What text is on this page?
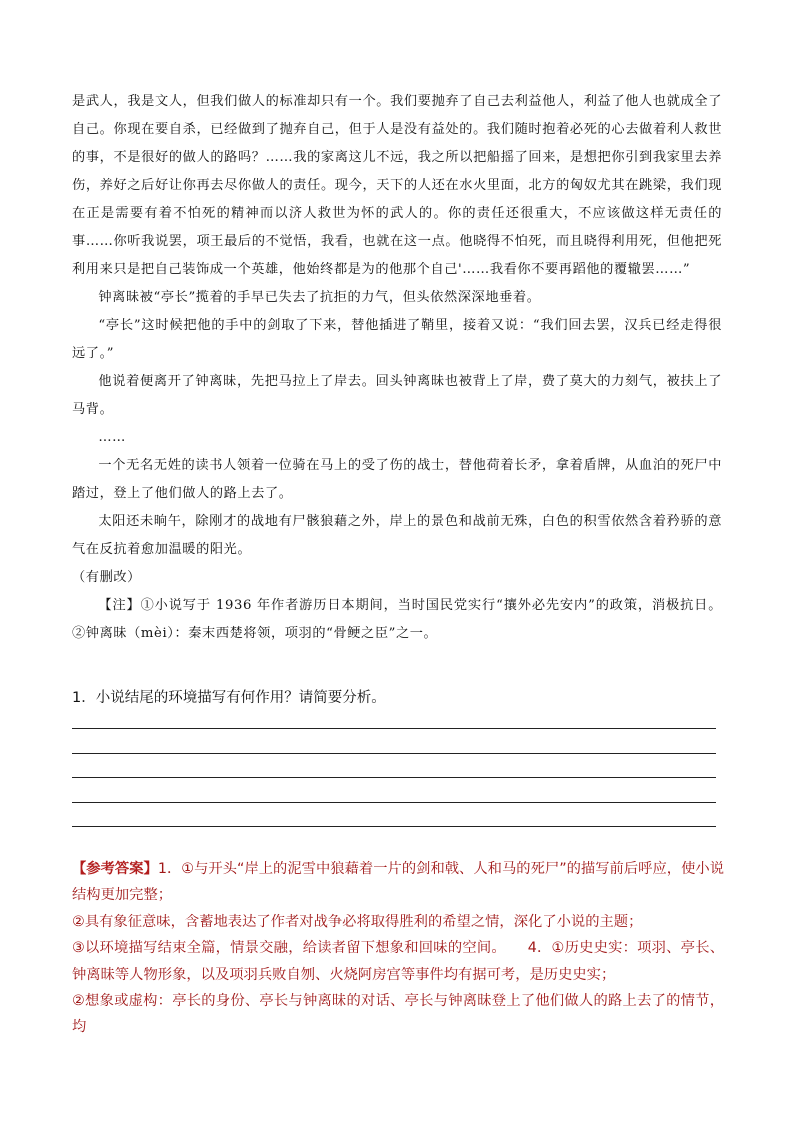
是武人，我是文人，但我们做人的标准却只有一个。我们要抛弃了自己去利益他人，利益了他人也就成全了自己。你现在要自杀，已经做到了抛弃自己，但于人是没有益处的。我们随时抱着必死的心去做着利人救世的事，不是很好的做人的路吗？……我的家离这儿不远，我之所以把船摇了回来，是想把你引到我家里去养伤，养好之后好让你再去尽你做人的责任。现今，天下的人还在水火里面，北方的匈奴尤其在跳梁，我们现在正是需要有着不怕死的精神而以济人救世为怀的武人的。你的责任还很重大，不应该做这样无责任的事……你听我说罢，项王最后的不觉悟，我看，也就在这一点。他晓得不怕死，而且晓得利用死，但他把死利用来只是把自己装饰成一个英雄，他始终都是为的他那个自己'……我看你不要再蹈他的覆辙罢……”

钟离昧被“亭长”揽着的手早已失去了抗拒的力气，但头依然深深地垂着。

“亭长”这时候把他的手中的剑取了下来，替他插进了鞘里，接着又说：“我们回去罢，汉兵已经走得很远了。”

他说着便离开了钟离昧，先把马拉上了岸去。回头钟离昧也被背上了岸，费了莫大的力刻气，被扶上了马背。

……

一个无名无姓的读书人领着一位骑在马上的受了伤的战士，替他荷着长矛，拿着盾牌，从血泊的死尸中踏过，登上了他们做人的路上去了。

太阳还未晌午，除刚才的战地有尸骸狼藉之外，岸上的景色和战前无殊，白色的积雪依然含着矜骄的意气在反抗着愈加温暖的阳光。

（有删改）

【注】①小说写于 1936 年作者游历日本期间，当时国民党实行“攘外必先安内”的政策，消极抗日。②钟离昧（mèi）：秦末西楚将领，项羽的“骨鲠之臣”之一。

1．小说结尾的环境描写有何作用？请简要分析。

【参考答案】1．①与开头“岸上的泥雪中狼藉着一片的剑和戟、人和马的死尸”的描写前后呼应，使小说结构更加完整；

②具有象征意味，含蓄地表达了作者对战争必将取得胜利的希望之情，深化了小说的主题；

③以环境描写结束全篇，情景交融，给读者留下想象和回味的空间。　　4．①历史史实：项羽、亭长、钟离昧等人物形象，以及项羽兵败自刎、火烧阿房宫等事件均有据可考，是历史史实；

②想象或虚构：亭长的身份、亭长与钟离昧的对话、亭长与钟离昧登上了他们做人的路上去了的情节，均
